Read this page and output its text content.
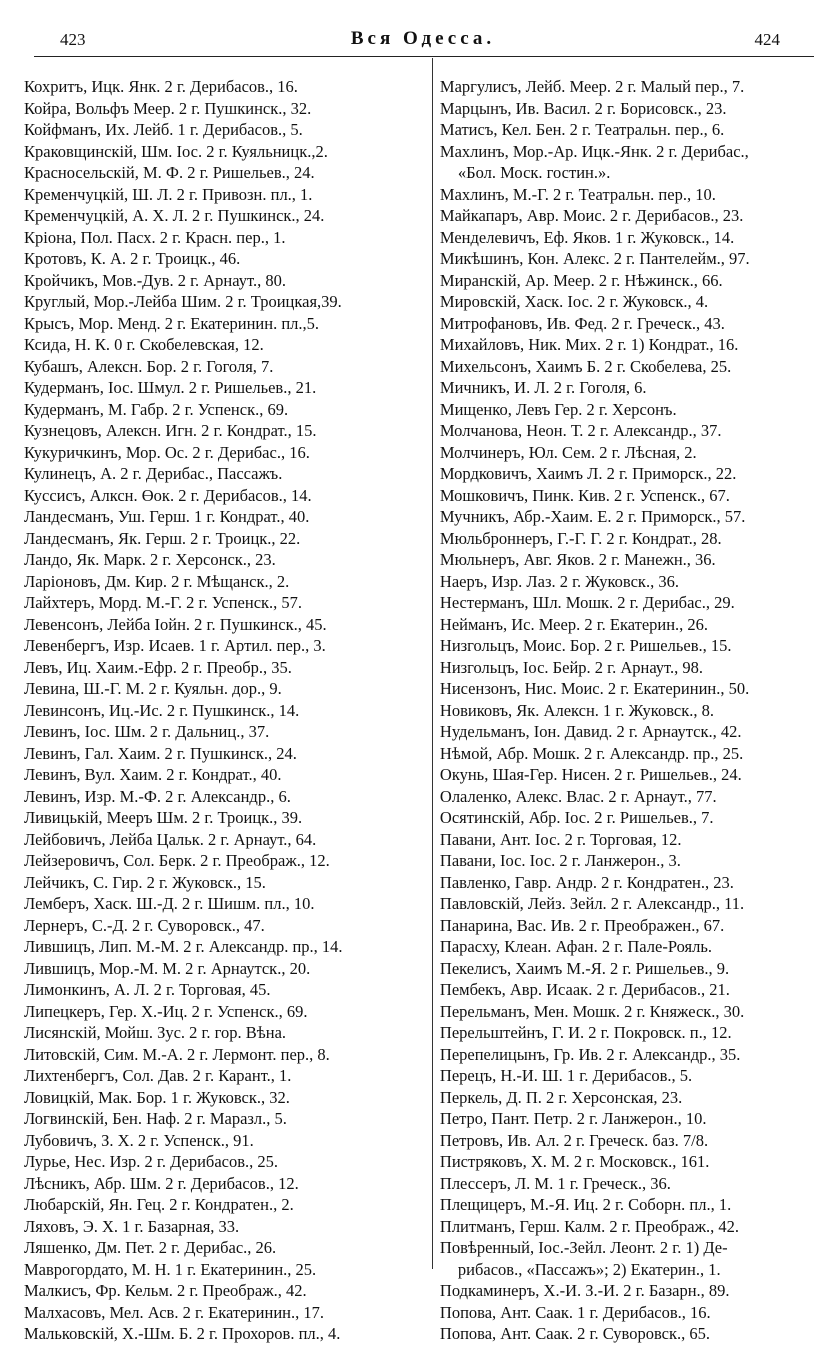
423	Вся Одесса.	424
Кохритъ, Ицк. Янк. 2 г. Дерибасов., 16.
Койра, Вольфъ Меер. 2 г. Пушкинск., 32.
Койфманъ, Их. Лейб. 1 г. Дерибасов., 5.
Краковщинскій, Шм. Іос. 2 г. Куяльницк.,2.
Красносельскій, М. Ф. 2 г. Ришельев., 24.
Кременчуцкій, Ш. Л. 2 г. Привозн. пл., 1.
Кременчуцкій, А. Х. Л. 2 г. Пушкинск., 24.
Кріона, Пол. Пасх. 2 г. Красн. пер., 1.
Кротовъ, К. А. 2 г. Троицк., 46.
Кройчикъ, Мов.-Дув. 2 г. Арнаут., 80.
Круглый, Мор.-Лейба Шим. 2 г. Троицкая,39.
Крысъ, Мор. Менд. 2 г. Екатеринин. пл.,5.
Ксида, Н. К. 0 г. Скобелевская, 12.
Кубашъ, Алексн. Бор. 2 г. Гоголя, 7.
Кудерманъ, Іос. Шмул. 2 г. Ришельев., 21.
Кудерманъ, М. Габр. 2 г. Успенск., 69.
Кузнецовъ, Алексн. Игн. 2 г. Кондрат., 15.
Кукуричкинъ, Мор. Ос. 2 г. Дерибас., 16.
Кулинецъ, А. 2 г. Дерибас., Пассажъ.
Куссисъ, Алксн. Өок. 2 г. Дерибасов., 14.
Ландесманъ, Уш. Герш. 1 г. Кондрат., 40.
Ландесманъ, Як. Герш. 2 г. Троицк., 22.
Ландо, Як. Марк. 2 г. Херсонск., 23.
Ларіоновъ, Дм. Кир. 2 г. Мѣщанск., 2.
Лайхтеръ, Морд. М.-Г. 2 г. Успенск., 57.
Левенсонъ, Лейба Іойн. 2 г. Пушкинск., 45.
Левенбергъ, Изр. Исаев. 1 г. Артил. пер., 3.
Левъ, Иц. Хаим.-Ефр. 2 г. Преобр., 35.
Левина, Ш.-Г. М. 2 г. Куяльн. дор., 9.
Левинсонъ, Иц.-Ис. 2 г. Пушкинск., 14.
Левинъ, Іос. Шм. 2 г. Дальниц., 37.
Левинъ, Гал. Хаим. 2 г. Пушкинск., 24.
Левинъ, Вул. Хаим. 2 г. Кондрат., 40.
Левинъ, Изр. М.-Ф. 2 г. Александр., 6.
Ливицькій, Мееръ Шм. 2 г. Троицк., 39.
Лейбовичъ, Лейба Цальк. 2 г. Арнаут., 64.
Лейзеровичъ, Сол. Берк. 2 г. Преображ., 12.
Лейчикъ, С. Гир. 2 г. Жуковск., 15.
Лемберъ, Хаск. Ш.-Д. 2 г. Шишм. пл., 10.
Лернеръ, С.-Д. 2 г. Суворовск., 47.
Лившицъ, Лип. М.-М. 2 г. Александр. пр., 14.
Лившицъ, Мор.-М. М. 2 г. Арнаутск., 20.
Лимонкинъ, А. Л. 2 г. Торговая, 45.
Липецкеръ, Гер. Х.-Иц. 2 г. Успенск., 69.
Лисянскій, Мойш. Зус. 2 г. гор. Вѣна.
Литовскій, Сим. М.-А. 2 г. Лермонт. пер., 8.
Лихтенбергъ, Сол. Дав. 2 г. Карант., 1.
Ловицкій, Мак. Бор. 1 г. Жуковск., 32.
Логвинскій, Бен. Наф. 2 г. Маразл., 5.
Лубовичъ, З. Х. 2 г. Успенск., 91.
Лурье, Нес. Изр. 2 г. Дерибасов., 25.
Лѣсникъ, Абр. Шм. 2 г. Дерибасов., 12.
Любарскій, Ян. Гец. 2 г. Кондратен., 2.
Ляховъ, Э. Х. 1 г. Базарная, 33.
Ляшенко, Дм. Пет. 2 г. Дерибас., 26.
Маврогордато, М. Н. 1 г. Екатеринин., 25.
Малкисъ, Фр. Кельм. 2 г. Преображ., 42.
Малхасовъ, Мел. Асв. 2 г. Екатеринин., 17.
Мальковскій, Х.-Шм. Б. 2 г. Прохоров. пл., 4.
Маргулисъ, Лейб. Меер. 2 г. Малый пер., 7.
Марцынъ, Ив. Васил. 2 г. Борисовск., 23.
Матисъ, Кел. Бен. 2 г. Театральн. пер., 6.
Махлинъ, Мор.-Ар. Ицк.-Янк. 2 г. Дерибас.,
«Бол. Моск. гостин.».
Махлинъ, М.-Г. 2 г. Театральн. пер., 10.
Майкапаръ, Авр. Моис. 2 г. Дерибасов., 23.
Менделевичъ, Еф. Яков. 1 г. Жуковск., 14.
Микѣшинъ, Кон. Алекс. 2 г. Пантелейм., 97.
Миранскій, Ар. Меер. 2 г. Нѣжинск., 66.
Мировскій, Хаск. Іос. 2 г. Жуковск., 4.
Митрофановъ, Ив. Фед. 2 г. Греческ., 43.
Михайловъ, Ник. Мих. 2 г. 1) Кондрат., 16.
Михельсонъ, Хаимъ Б. 2 г. Скобелева, 25.
Мичникъ, И. Л. 2 г. Гоголя, 6.
Мищенко, Левъ Гер. 2 г. Херсонъ.
Молчанова, Неон. Т. 2 г. Александр., 37.
Молчинеръ, Юл. Сем. 2 г. Лѣсная, 2.
Мордковичъ, Хаимъ Л. 2 г. Приморск., 22.
Мошковичъ, Пинк. Кив. 2 г. Успенск., 67.
Мучникъ, Абр.-Хаим. Е. 2 г. Приморск., 57.
Мюльброннеръ, Г.-Г. Г. 2 г. Кондрат., 28.
Мюльнеръ, Авг. Яков. 2 г. Манежн., 36.
Наеръ, Изр. Лаз. 2 г. Жуковск., 36.
Нестерманъ, Шл. Мошк. 2 г. Дерибас., 29.
Нейманъ, Ис. Меер. 2 г. Екатерин., 26.
Низгольцъ, Моис. Бор. 2 г. Ришельев., 15.
Низгольцъ, Іос. Бейр. 2 г. Арнаут., 98.
Нисензонъ, Нис. Моис. 2 г. Екатеринин., 50.
Новиковъ, Як. Алексн. 1 г. Жуковск., 8.
Нудельманъ, Іон. Давид. 2 г. Арнаутск., 42.
Нѣмой, Абр. Мошк. 2 г. Александр. пр., 25.
Окунь, Шая-Гер. Нисен. 2 г. Ришельев., 24.
Олаленко, Алекс. Влас. 2 г. Арнаут., 77.
Осятинскій, Абр. Іос. 2 г. Ришельев., 7.
Павани, Ант. Іос. 2 г. Торговая, 12.
Павани, Іос. Іос. 2 г. Ланжерон., 3.
Павленко, Гавр. Андр. 2 г. Кондратен., 23.
Павловскій, Лейз. Зейл. 2 г. Александр., 11.
Панарина, Вас. Ив. 2 г. Преображен., 67.
Парасху, Клеан. Афан. 2 г. Пале-Рояль.
Пекелисъ, Хаимъ М.-Я. 2 г. Ришельев., 9.
Пембекъ, Авр. Исаак. 2 г. Дерибасов., 21.
Перельманъ, Мен. Мошк. 2 г. Княжеск., 30.
Перельштейнъ, Г. И. 2 г. Покровск. п., 12.
Перепелицынъ, Гр. Ив. 2 г. Александр., 35.
Перецъ, Н.-И. Ш. 1 г. Дерибасов., 5.
Перкель, Д. П. 2 г. Херсонская, 23.
Петро, Пант. Петр. 2 г. Ланжерон., 10.
Петровъ, Ив. Ал. 2 г. Греческ. баз. 7/8.
Пистряковъ, Х. М. 2 г. Московск., 161.
Плессеръ, Л. М. 1 г. Греческ., 36.
Плещицеръ, М.-Я. Иц. 2 г. Соборн. пл., 1.
Плитманъ, Герш. Калм. 2 г. Преображ., 42.
Повѣренный, Іос.-Зейл. Леонт. 2 г. 1) Де-
рибасов., «Пассажъ»; 2) Екатерин., 1.
Подкаминеръ, Х.-И. З.-И. 2 г. Базарн., 89.
Попова, Ант. Саак. 1 г. Дерибасов., 16.
Попова, Ант. Саак. 2 г. Суворовск., 65.
